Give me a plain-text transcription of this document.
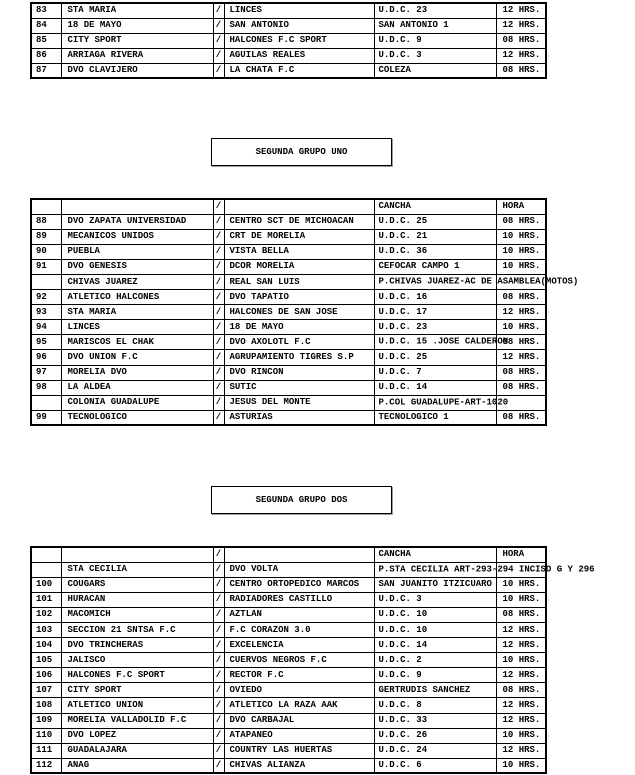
83	STA MARIA	/	LINCES	U.D.C. 23	12 HRS.
84	18 DE MAYO	/	SAN ANTONIO	SAN ANTONIO 1	12 HRS.
85	CITY SPORT	/	HALCONES F.C SPORT	U.D.C. 9	08 HRS.
86	ARRIAGA RIVERA	/	AGUILAS REALES	U.D.C. 3	12 HRS.
87	DVO CLAVIJERO	/	LA CHATA F.C	COLEZA	08 HRS.
SEGUNDA GRUPO UNO
		/		CANCHA	HORA
88	DVO ZAPATA UNIVERSIDAD	/	CENTRO SCT DE MICHOACAN	U.D.C. 25	08 HRS.
89	MECANICOS UNIDOS	/	CRT DE MORELIA	U.D.C. 21	10 HRS.
90	PUEBLA	/	VISTA BELLA	U.D.C. 36	10 HRS.
91	DVO GENESIS	/	DCOR MORELIA	CEFOCAR CAMPO 1	10 HRS.
	CHIVAS JUAREZ	/	REAL SAN LUIS	P.CHIVAS JUAREZ-AC DE ASAMBLEA(MOTOS)	

92	ATLETICO HALCONES	/	DVO TAPATIO	U.D.C. 16	08 HRS.
93	STA MARIA	/	HALCONES DE SAN JOSE	U.D.C. 17	12 HRS.
94	LINCES	/	18 DE MAYO	U.D.C. 23	10 HRS.
95	MARISCOS EL CHAK	/	DVO AXOLOTL F.C	U.D.C. 15 .JOSE CALDERON	08 HRS.
96	DVO UNION F.C	/	AGRUPAMIENTO TIGRES S.P	U.D.C. 25	12 HRS.
97	MORELIA DVO	/	DVO RINCON	U.D.C. 7	08 HRS.
98	LA ALDEA	/	SUTIC	U.D.C. 14	08 HRS.
	COLONIA GUADALUPE	/	JESUS DEL MONTE	P.COL GUADALUPE-ART-1020	

99	TECNOLOGICO	/	ASTURIAS	TECNOLOGICO 1	08 HRS.
SEGUNDA GRUPO DOS
		/		CANCHA	HORA
	STA CECILIA	/	DVO VOLTA	P.STA CECILIA ART-293-294 INCISO G Y 296	

100	COUGARS	/	CENTRO ORTOPEDICO MARCOS	SAN JUANITO ITZICUARO	10 HRS.
101	HURACAN	/	RADIADORES CASTILLO	U.D.C. 3	10 HRS.
102	MACOMICH	/	AZTLAN	U.D.C. 10	08 HRS.
103	SECCION 21 SNTSA F.C	/	F.C CORAZON 3.0	U.D.C. 10	12 HRS.
104	DVO TRINCHERAS	/	EXCELENCIA	U.D.C. 14	12 HRS.
105	JALISCO	/	CUERVOS NEGROS F.C	U.D.C. 2	10 HRS.
106	HALCONES F.C SPORT	/	RECTOR F.C	U.D.C. 9	12 HRS.
107	CITY SPORT	/	OVIEDO	GERTRUDIS SANCHEZ	08 HRS.
108	ATLETICO UNION	/	ATLETICO LA RAZA AAK	U.D.C. 8	12 HRS.
109	MORELIA VALLADOLID F.C	/	DVO CARBAJAL	U.D.C. 33	12 HRS.
110	DVO LOPEZ	/	ATAPANEO	U.D.C. 26	10 HRS.
111	GUADALAJARA	/	COUNTRY LAS HUERTAS	U.D.C. 24	12 HRS.
112	ANAG	/	CHIVAS ALIANZA	U.D.C. 6	10 HRS.
